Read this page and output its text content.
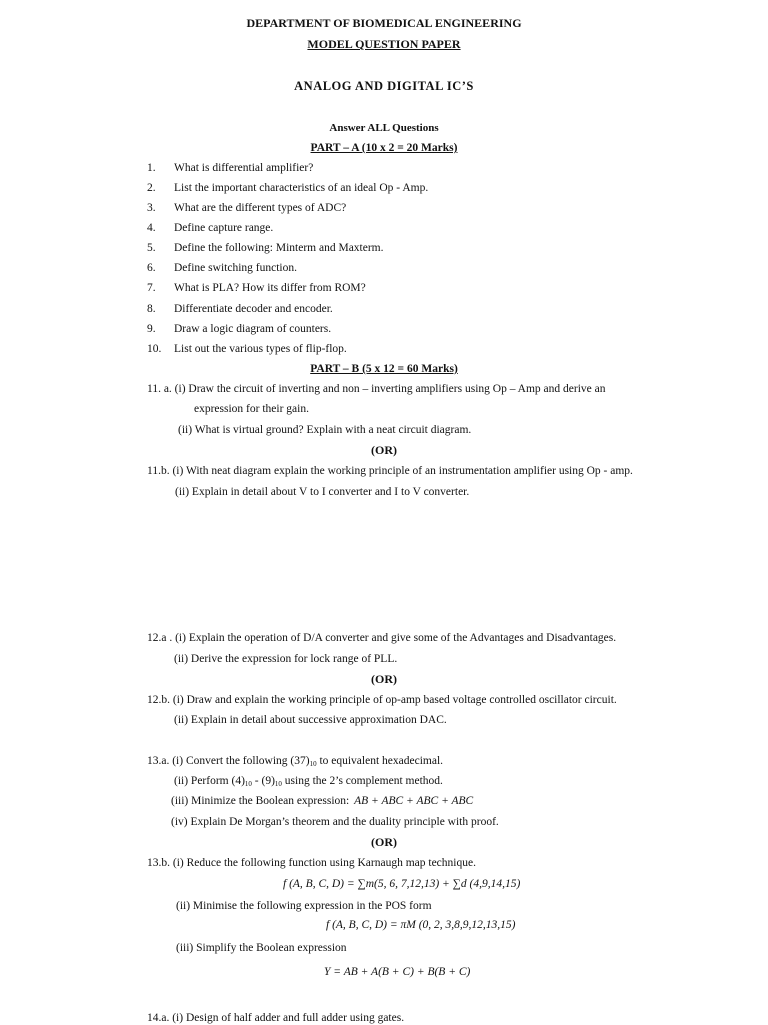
DEPARTMENT OF BIOMEDICAL ENGINEERING
MODEL QUESTION PAPER
ANALOG AND DIGITAL IC’S
Answer ALL Questions
PART – A (10 x 2 = 20 Marks)
1. What is differential amplifier?
2. List the important characteristics of an ideal Op - Amp.
3. What are the different types of ADC?
4. Define capture range.
5. Define the following: Minterm and Maxterm.
6. Define switching function.
7. What is PLA? How its differ from ROM?
8. Differentiate decoder and encoder.
9. Draw a logic diagram of counters.
10. List out the various types of flip-flop.
PART – B (5 x 12 = 60 Marks)
11. a. (i) Draw the circuit of inverting and non – inverting amplifiers using Op – Amp and derive an
expression for their gain.
(ii) What is virtual ground? Explain with a neat circuit diagram.
(OR)
11.b. (i) With neat diagram explain the working principle of an instrumentation amplifier using Op - amp.
(ii) Explain in detail about V to I converter and I to V converter.
12.a . (i) Explain the operation of D/A converter and give some of the Advantages and Disadvantages.
(ii) Derive the expression for lock range of PLL.
(OR)
12.b. (i) Draw and explain the working principle of op-amp based voltage controlled oscillator circuit.
(ii) Explain in detail about successive approximation DAC.
13.a. (i) Convert the following $(37)_{10}$ to equivalent hexadecimal.
(ii) Perform $(4)_{10} - (9)_{10}$ using the 2’s complement method.
(iii) Minimize the Boolean expression: AB + ABC + ABC + ABC
(iv) Explain De Morgan’s theorem and the duality principle with proof.
(OR)
13.b. (i) Reduce the following function using Karnaugh map technique.
f (A, B, C, D) = ∑m(5, 6, 7,12,13) + ∑d (4,9,14,15)
(ii) Minimise the following expression in the POS form
f (A, B, C, D) = πM (0, 2, 3,8,9,12,13,15)
(iii) Simplify the Boolean expression
Y = AB + A(B + C) + B(B + C)
14.a. (i) Design of half adder and full adder using gates.
